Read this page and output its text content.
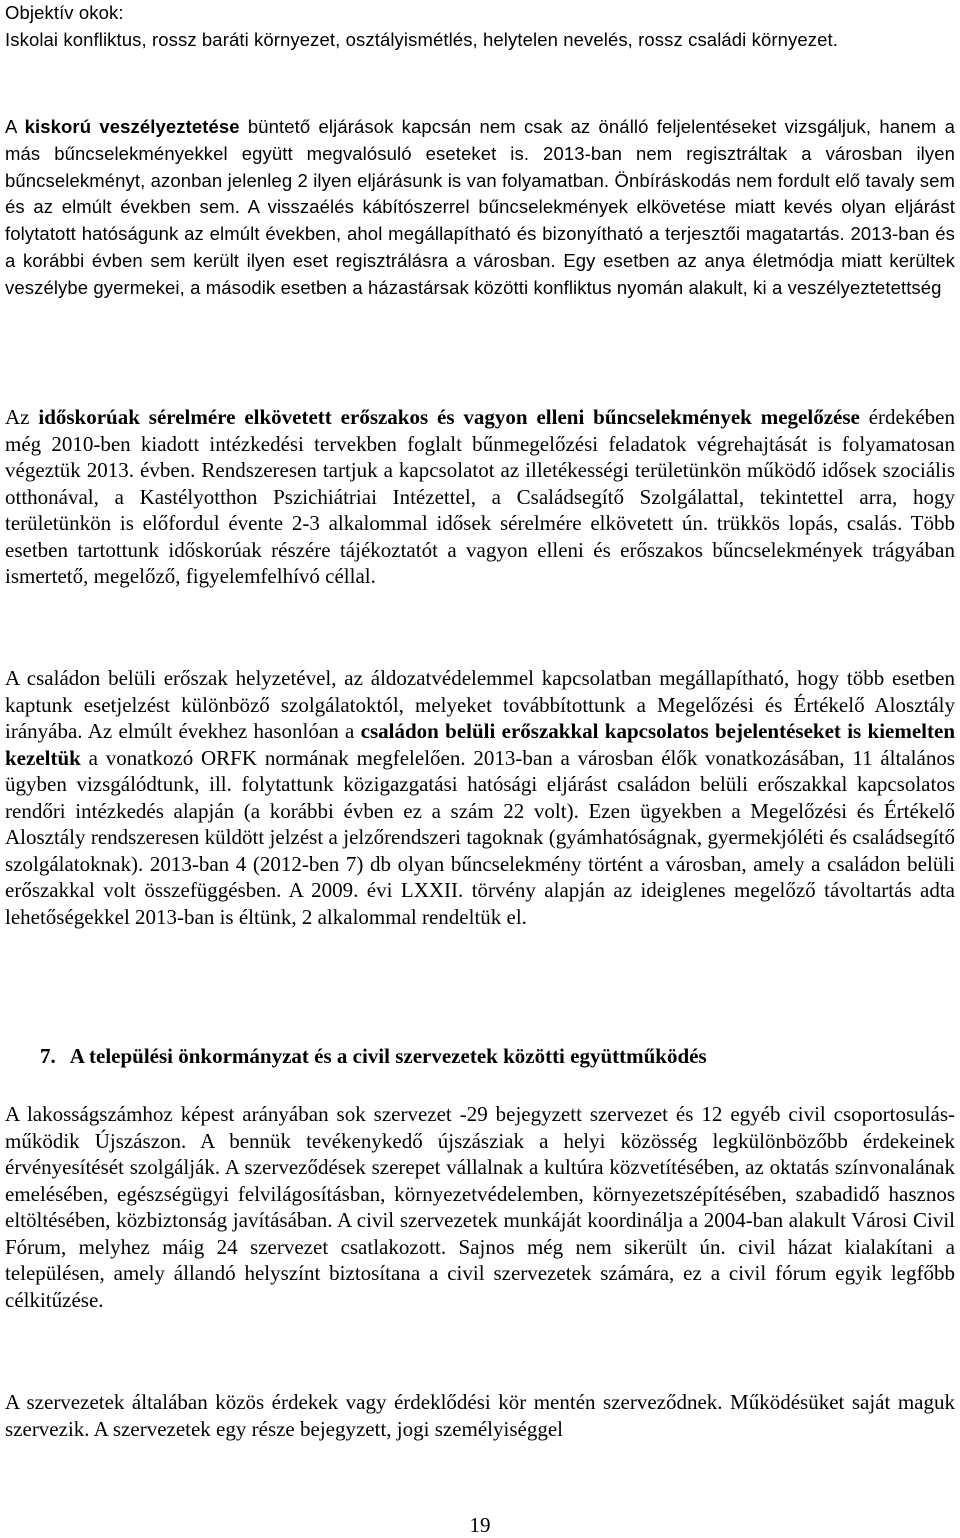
Objektív okok:

Iskolai konfliktus, rossz baráti környezet, osztályismétlés, helytelen nevelés, rossz családi környezet.

A kiskorú veszélyeztetése büntető eljárások kapcsán nem csak az önálló feljelentéseket vizsgáljuk, hanem a más bűncselekményekkel együtt megvalósuló eseteket is. 2013-ban nem regisztráltak a városban ilyen bűncselekményt, azonban jelenleg 2 ilyen eljárásunk is van folyamatban. Önbíráskodás nem fordult elő tavaly sem és az elmúlt években sem. A visszaélés kábítószerrel bűncselekmények elkövetése miatt kevés olyan eljárást folytatott hatóságunk az elmúlt években, ahol megállapítható és bizonyítható a terjesztői magatartás. 2013-ban és a korábbi évben sem került ilyen eset regisztrálásra a városban. Egy esetben az anya életmódja miatt kerültek veszélybe gyermekei, a második esetben a házastársak közötti konfliktus nyomán alakult, ki a veszélyeztetettség

Az időskorúak sérelmére elkövetett erőszakos és vagyon elleni bűncselekmények megelőzése érdekében még 2010-ben kiadott intézkedési tervekben foglalt bűnmegelőzési feladatok végrehajtását is folyamatosan végeztük 2013. évben. Rendszeresen tartjuk a kapcsolatot az illetékességi területünkön működő idősek szociális otthonával, a Kastélyotthon Pszichiátriai Intézettel, a Családsegítő Szolgálattal, tekintettel arra, hogy területünkön is előfordul évente 2-3 alkalommal idősek sérelmére elkövetett ún. trükkös lopás, csalás. Több esetben tartottunk időskorúak részére tájékoztatót a vagyon elleni és erőszakos bűncselekmények trágyában ismertető, megelőző, figyelemfelhívó céllal.

A családon belüli erőszak helyzetével, az áldozatvédelemmel kapcsolatban megállapítható, hogy több esetben kaptunk esetjelzést különböző szolgálatoktól, melyeket továbbítottunk a Megelőzési és Értékelő Alosztály irányába. Az elmúlt évekhez hasonlóan a családon belüli erőszakkal kapcsolatos bejelentéseket is kiemelten kezeltük a vonatkozó ORFK normának megfelelően. 2013-ban a városban élők vonatkozásában, 11 általános ügyben vizsgálódtunk, ill. folytattunk közigazgatási hatósági eljárást családon belüli erőszakkal kapcsolatos rendőri intézkedés alapján (a korábbi évben ez a szám 22 volt). Ezen ügyekben a Megelőzési és Értékelő Alosztály rendszeresen küldött jelzést a jelzőrendszeri tagoknak (gyámhatóságnak, gyermekjóléti és családsegítő szolgálatoknak). 2013-ban 4 (2012-ben 7) db olyan bűncselekmény történt a városban, amely a családon belüli erőszakkal volt összefüggésben. A 2009. évi LXXII. törvény alapján az ideiglenes megelőző távoltartás adta lehetőségekkel 2013-ban is éltünk, 2 alkalommal rendeltük el.

7. A települési önkormányzat és a civil szervezetek közötti együttműködés

A lakosságszámhoz képest arányában sok szervezet -29 bejegyzett szervezet és 12 egyéb civil csoportosulás- működik Újszászon. A bennük tevékenykedő újszásziak a helyi közösség legkülönbözőbb érdekeinek érvényesítését szolgálják. A szerveződések szerepet vállalnak a kultúra közvetítésében, az oktatás színvonalának emelésében, egészségügyi felvilágosításban, környezetvédelemben, környezetszépítésében, szabadidő hasznos eltöltésében, közbiztonság javításában. A civil szervezetek munkáját koordinálja a 2004-ban alakult Városi Civil Fórum, melyhez máig 24 szervezet csatlakozott. Sajnos még nem sikerült ún. civil házat kialakítani a településen, amely állandó helyszínt biztosítana a civil szervezetek számára, ez a civil fórum egyik legfőbb célkitűzése.

A szervezetek általában közös érdekek vagy érdeklődési kör mentén szerveződnek. Működésüket saját maguk szervezik. A szervezetek egy része bejegyzett, jogi személyiséggel

19
